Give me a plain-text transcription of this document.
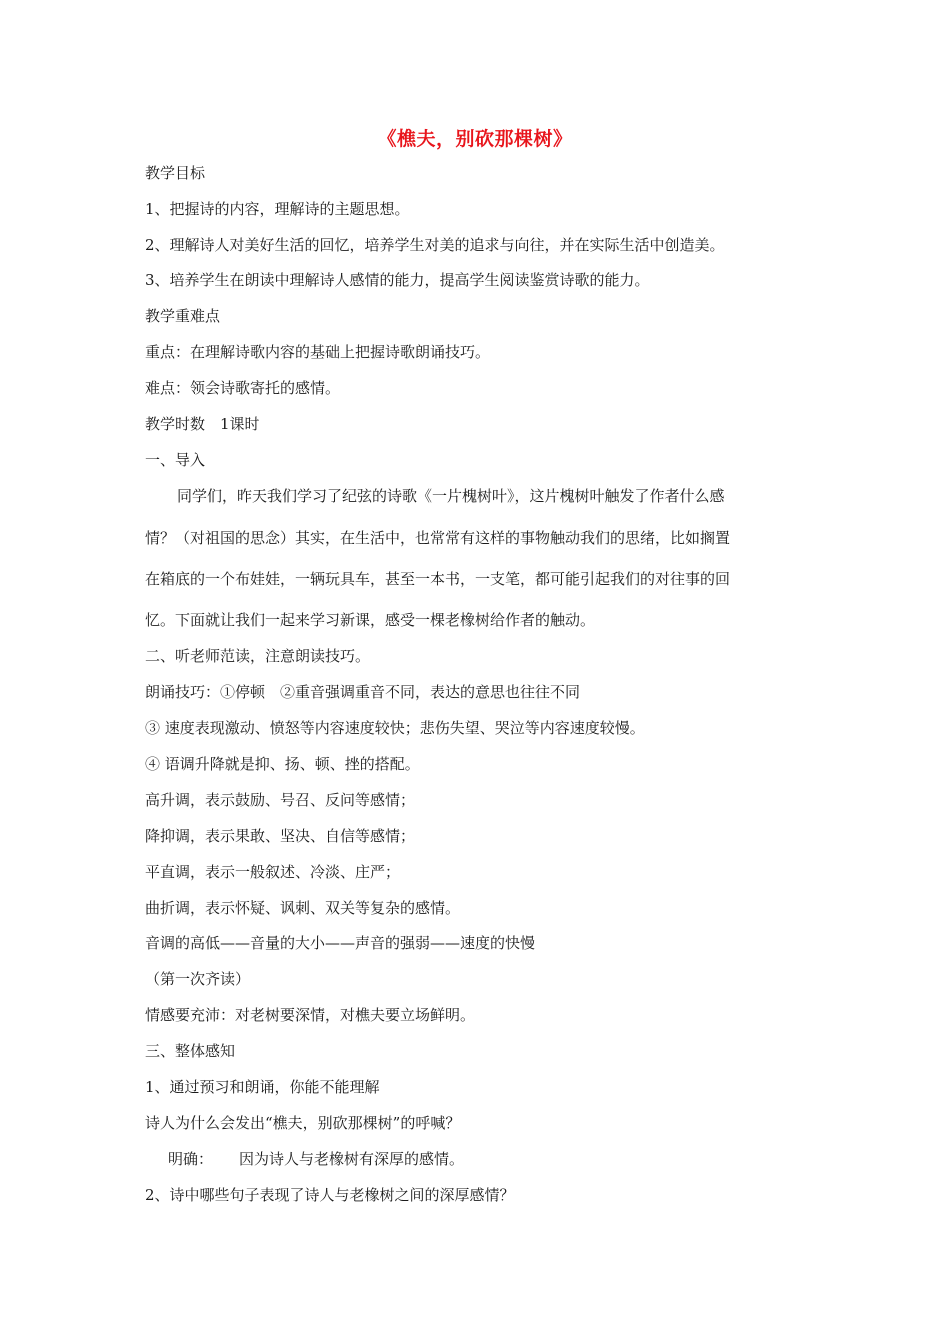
《樵夫，别砍那棵树》
教学目标
1、把握诗的内容，理解诗的主题思想。
2、理解诗人对美好生活的回忆，培养学生对美的追求与向往，并在实际生活中创造美。
3、培养学生在朗读中理解诗人感情的能力，提高学生阅读鉴赏诗歌的能力。
教学重难点
重点：在理解诗歌内容的基础上把握诗歌朗诵技巧。
难点：领会诗歌寄托的感情。
教学时数　1课时
一、导入
同学们，昨天我们学习了纪弦的诗歌《一片槐树叶》，这片槐树叶触发了作者什么感
情？（对祖国的思念）其实，在生活中，也常常有这样的事物触动我们的思绪，比如搁置
在箱底的一个布娃娃，一辆玩具车，甚至一本书，一支笔，都可能引起我们的对往事的回
忆。下面就让我们一起来学习新课，感受一棵老橡树给作者的触动。
二、听老师范读，注意朗读技巧。
朗诵技巧：①停顿　②重音强调重音不同，表达的意思也往往不同
③ 速度表现激动、愤怒等内容速度较快；悲伤失望、哭泣等内容速度较慢。
④ 语调升降就是抑、扬、顿、挫的搭配。
高升调，表示鼓励、号召、反问等感情；
降抑调，表示果敢、坚决、自信等感情；
平直调，表示一般叙述、冷淡、庄严；
曲折调，表示怀疑、讽刺、双关等复杂的感情。
音调的高低——音量的大小——声音的强弱——速度的快慢
（第一次齐读）
情感要充沛：对老树要深情，对樵夫要立场鲜明。
三、整体感知
1、通过预习和朗诵，你能不能理解
诗人为什么会发出“樵夫，别砍那棵树”的呼喊？
明确： 因为诗人与老橡树有深厚的感情。
2、诗中哪些句子表现了诗人与老橡树之间的深厚感情？
